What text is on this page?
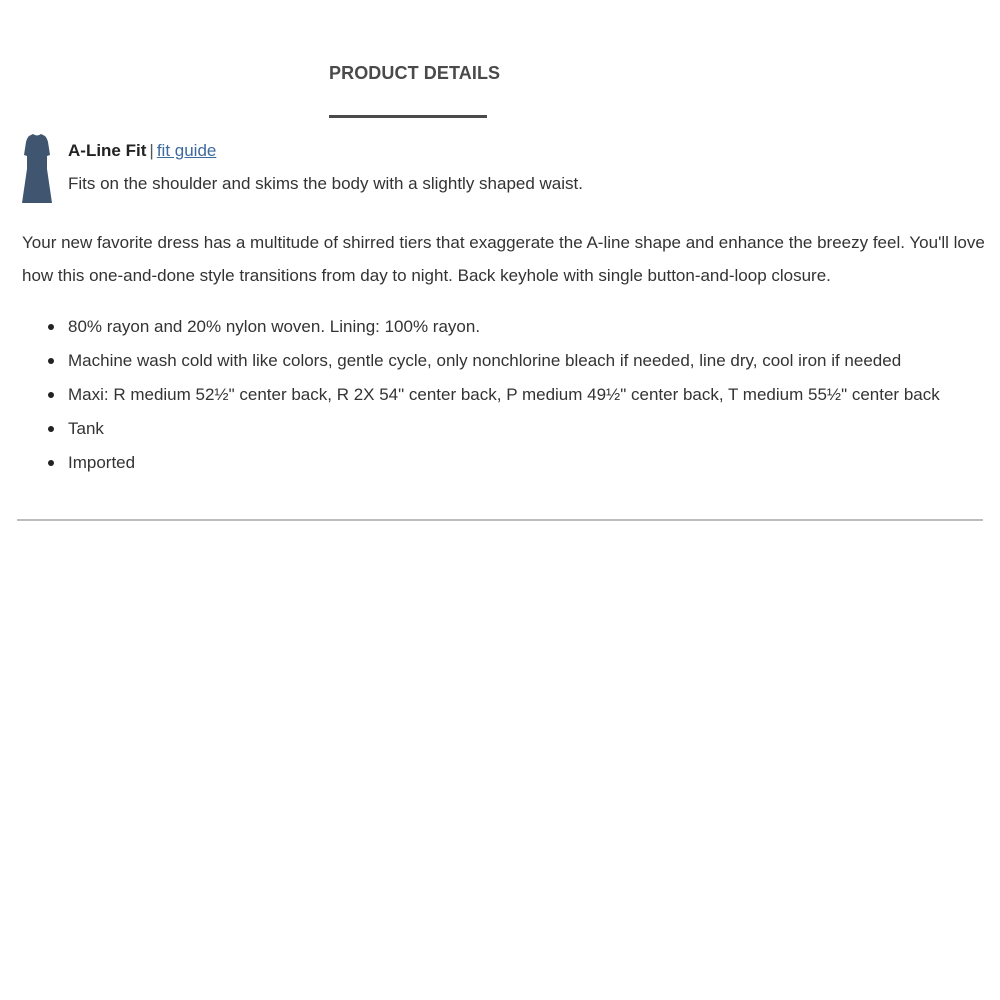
PRODUCT DETAILS
A-Line Fit | fit guide
Fits on the shoulder and skims the body with a slightly shaped waist.

Your new favorite dress has a multitude of shirred tiers that exaggerate the A-line shape and enhance the breezy feel. You'll love how this one-and-done style transitions from day to night. Back keyhole with single button-and-loop closure.

80% rayon and 20% nylon woven. Lining: 100% rayon.
Machine wash cold with like colors, gentle cycle, only nonchlorine bleach if needed, line dry, cool iron if needed
Maxi: R medium 52½" center back, R 2X 54" center back, P medium 49½" center back, T medium 55½" center back
Tank
Imported
